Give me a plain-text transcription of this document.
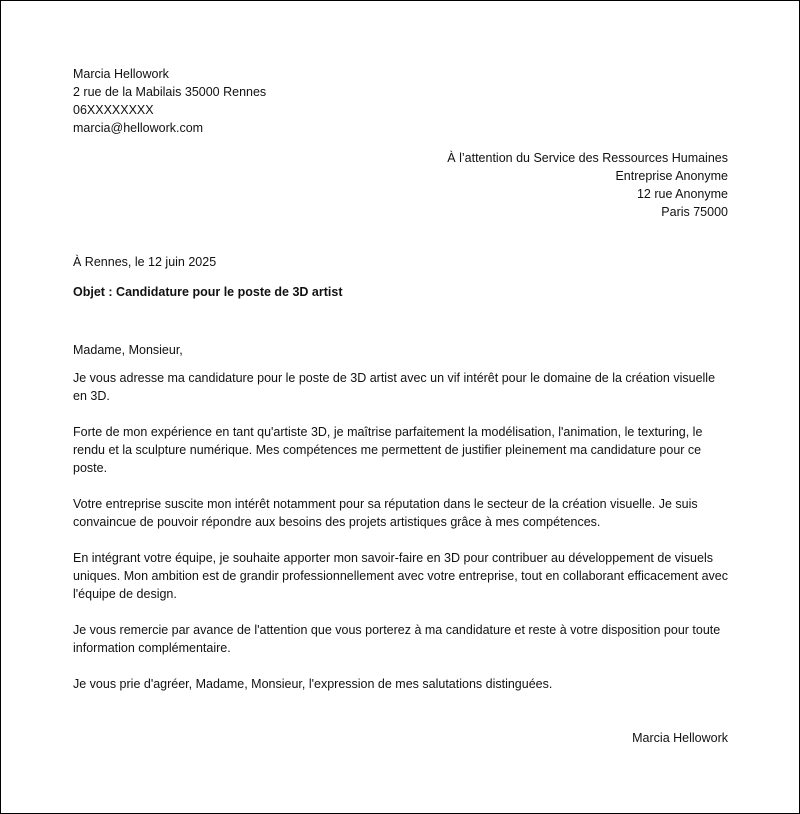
Marcia Hellowork
2 rue de la Mabilais 35000 Rennes
06XXXXXXXX
marcia@hellowork.com
À l’attention du Service des Ressources Humaines
Entreprise Anonyme
12 rue Anonyme
Paris 75000
À Rennes, le 12 juin 2025
Objet : Candidature pour le poste de 3D artist
Madame, Monsieur,
Je vous adresse ma candidature pour le poste de 3D artist avec un vif intérêt pour le domaine de la création visuelle en 3D.
Forte de mon expérience en tant qu'artiste 3D, je maîtrise parfaitement la modélisation, l'animation, le texturing, le rendu et la sculpture numérique. Mes compétences me permettent de justifier pleinement ma candidature pour ce poste.
Votre entreprise suscite mon intérêt notamment pour sa réputation dans le secteur de la création visuelle. Je suis convaincue de pouvoir répondre aux besoins des projets artistiques grâce à mes compétences.
En intégrant votre équipe, je souhaite apporter mon savoir-faire en 3D pour contribuer au développement de visuels uniques. Mon ambition est de grandir professionnellement avec votre entreprise, tout en collaborant efficacement avec l'équipe de design.
Je vous remercie par avance de l'attention que vous porterez à ma candidature et reste à votre disposition pour toute information complémentaire.
Je vous prie d'agréer, Madame, Monsieur, l'expression de mes salutations distinguées.
Marcia Hellowork
